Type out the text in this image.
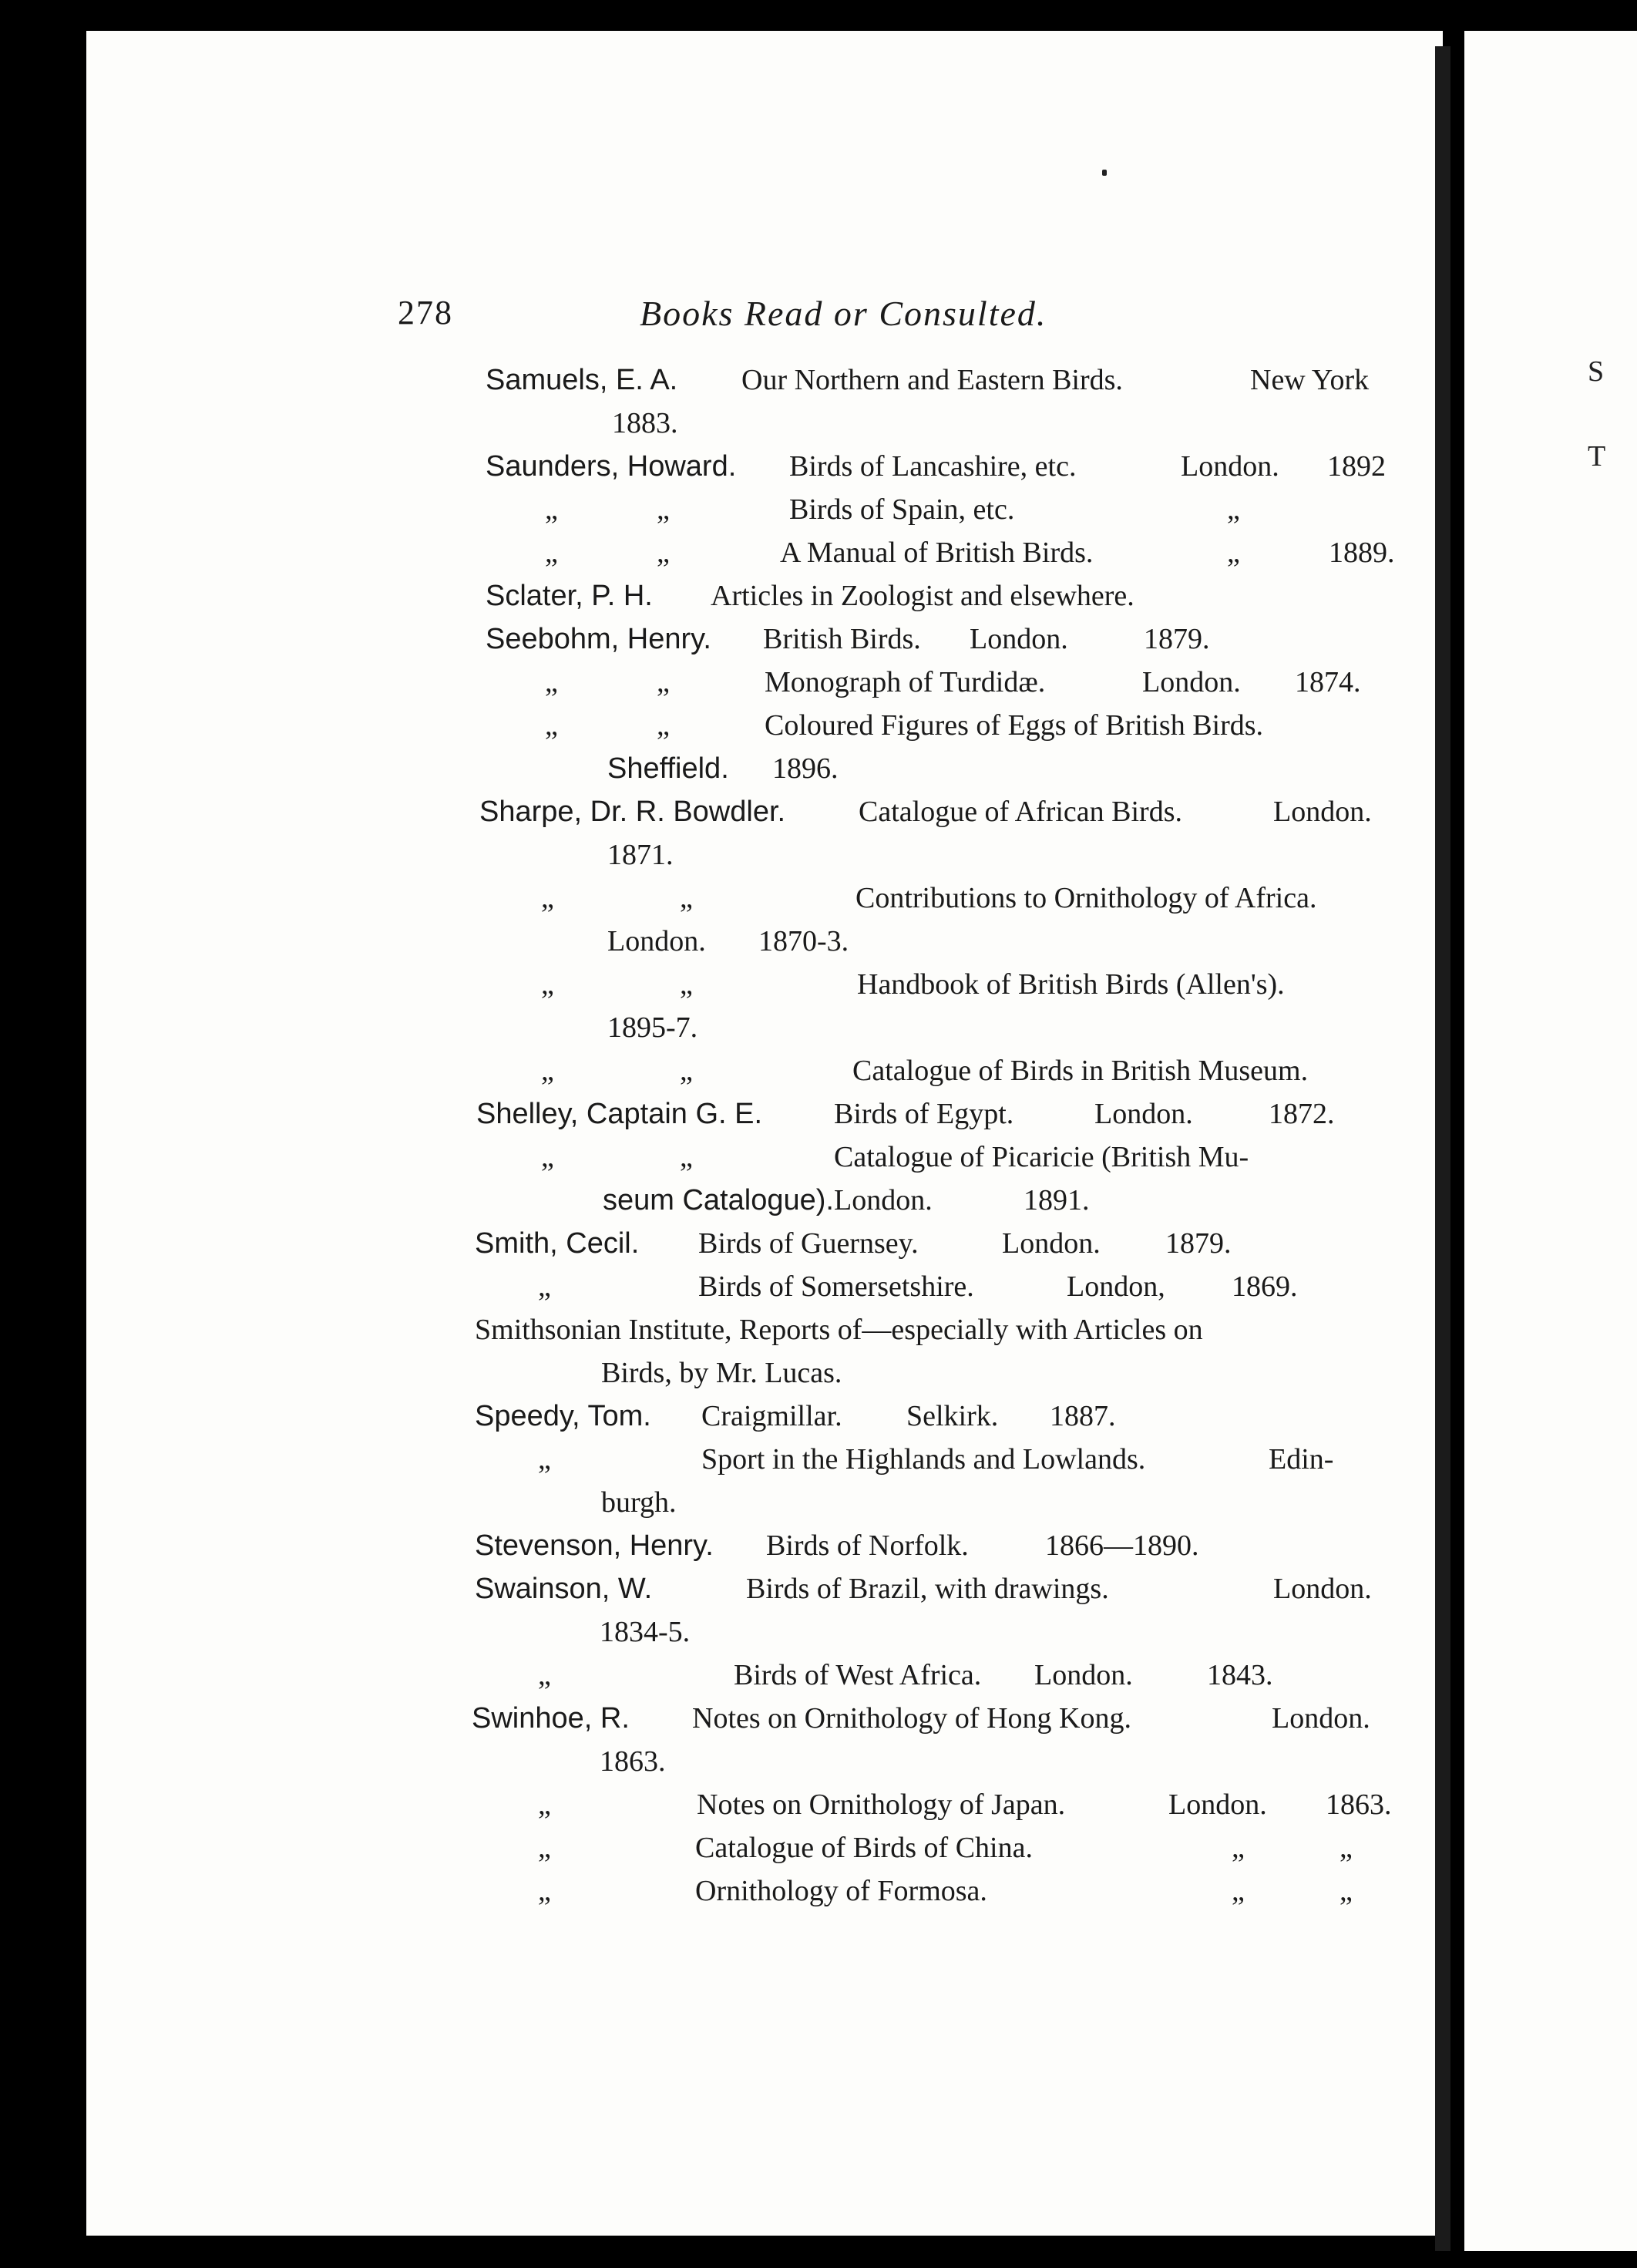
278	Books Read or Consulted.
Samuels, E. A. Our Northern and Eastern Birds.	New York
1883.
Saunders, Howard. Birds of Lancashire, etc.	London. 1892
„	„	Birds of Spain, etc.	„
„	„	A Manual of British Birds.	„	1889.
Sclater, P. H. Articles in Zoologist and elsewhere.
Seebohm, Henry. British Birds. London.	1879.
„	„	Monograph of Turdidæ.	London. 1874.
„	„	Coloured Figures of Eggs of British Birds.
Sheffield. 1896.
Sharpe, Dr. R. Bowdler. Catalogue of African Birds.	London.
1871.
„	„	Contributions to Ornithology of Africa.
London. 1870-3.
„	„	Handbook of British Birds (Allen's).
1895-7.
„	„	Catalogue of Birds in British Museum.
Shelley, Captain G. E. Birds of Egypt.	London.	1872.
„	„	Catalogue of Picaricie (British Mu-
seum Catalogue). London.	1891.
Smith, Cecil. Birds of Guernsey.	London. 1879.
„	Birds of Somersetshire.	London, 1869.
Smithsonian Institute, Reports of—especially with Articles on
Birds, by Mr. Lucas.
Speedy, Tom. Craigmillar. Selkirk. 1887.
„	Sport in the Highlands and Lowlands.	Edin-
burgh.
Stevenson, Henry. Birds of Norfolk.	1866—1890.
Swainson, W.	Birds of Brazil, with drawings.	London.
1834-5.
„	Birds of West Africa. London.	1843.
Swinhoe, R. Notes on Ornithology of Hong Kong.	London.
1863.
„	Notes on Ornithology of Japan.	London. 1863.
„	Catalogue of Birds of China.	„	„
„	Ornithology of Formosa.	„	„
S
T
